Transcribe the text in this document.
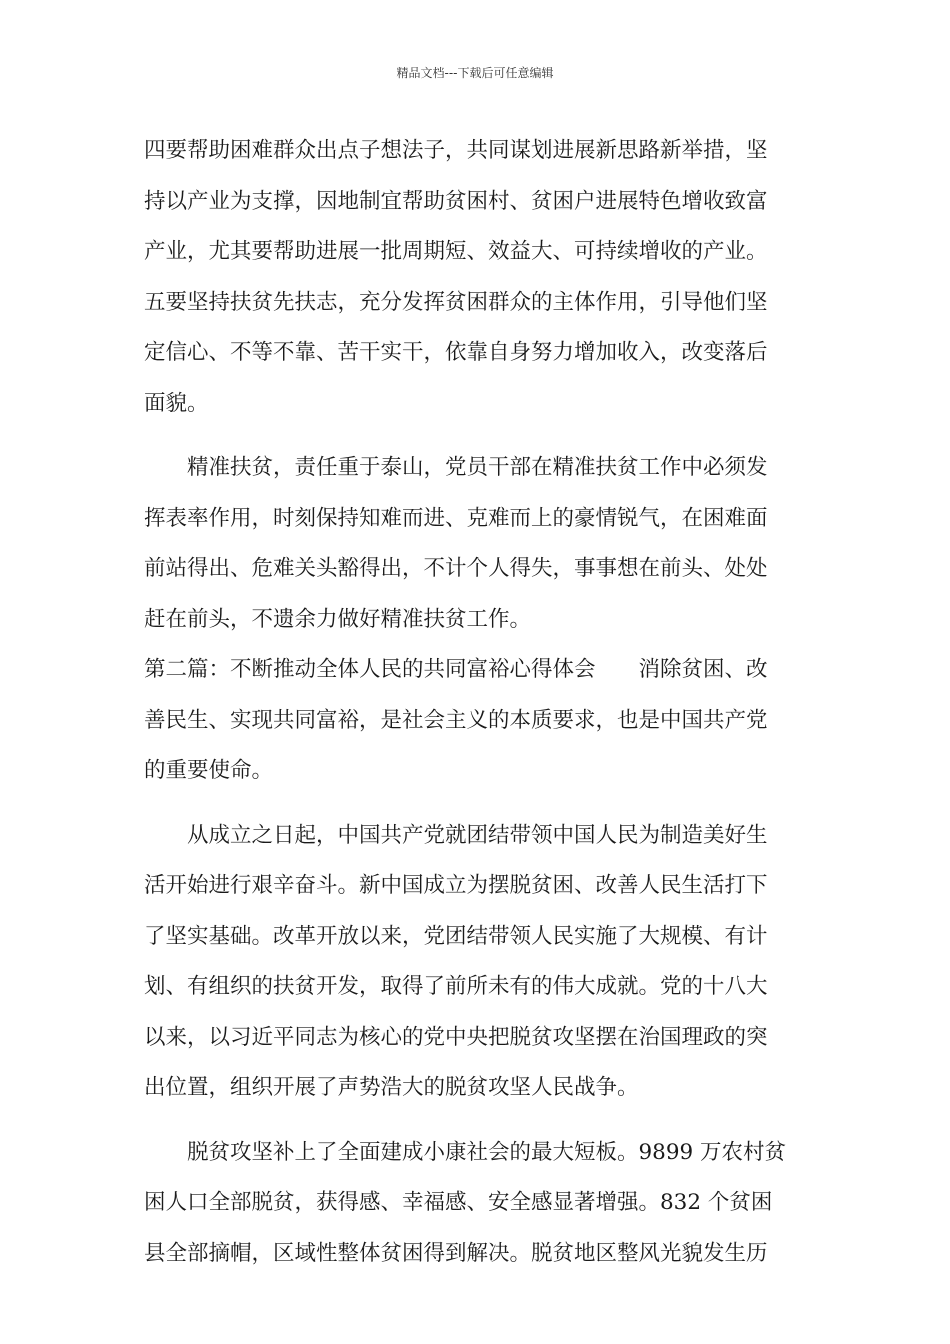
精品文档---下载后可任意编辑
四要帮助困难群众出点子想法子，共同谋划进展新思路新举措，坚
持以产业为支撑，因地制宜帮助贫困村、贫困户进展特色增收致富
产业，尤其要帮助进展一批周期短、效益大、可持续增收的产业。
五要坚持扶贫先扶志，充分发挥贫困群众的主体作用，引导他们坚
定信心、不等不靠、苦干实干，依靠自身努力增加收入，改变落后
面貌。
精准扶贫，责任重于泰山，党员干部在精准扶贫工作中必须发
挥表率作用，时刻保持知难而进、克难而上的豪情锐气，在困难面
前站得出、危难关头豁得出，不计个人得失，事事想在前头、处处
赶在前头，不遗余力做好精准扶贫工作。
第二篇：不断推动全体人民的共同富裕心得体会　　消除贫困、改
善民生、实现共同富裕，是社会主义的本质要求，也是中国共产党
的重要使命。
从成立之日起，中国共产党就团结带领中国人民为制造美好生
活开始进行艰辛奋斗。新中国成立为摆脱贫困、改善人民生活打下
了坚实基础。改革开放以来，党团结带领人民实施了大规模、有计
划、有组织的扶贫开发，取得了前所未有的伟大成就。党的十八大
以来，以习近平同志为核心的党中央把脱贫攻坚摆在治国理政的突
出位置，组织开展了声势浩大的脱贫攻坚人民战争。
脱贫攻坚补上了全面建成小康社会的最大短板。9899 万农村贫
困人口全部脱贫，获得感、幸福感、安全感显著增强。832 个贫困
县全部摘帽，区域性整体贫困得到解决。脱贫地区整风光貌发生历
